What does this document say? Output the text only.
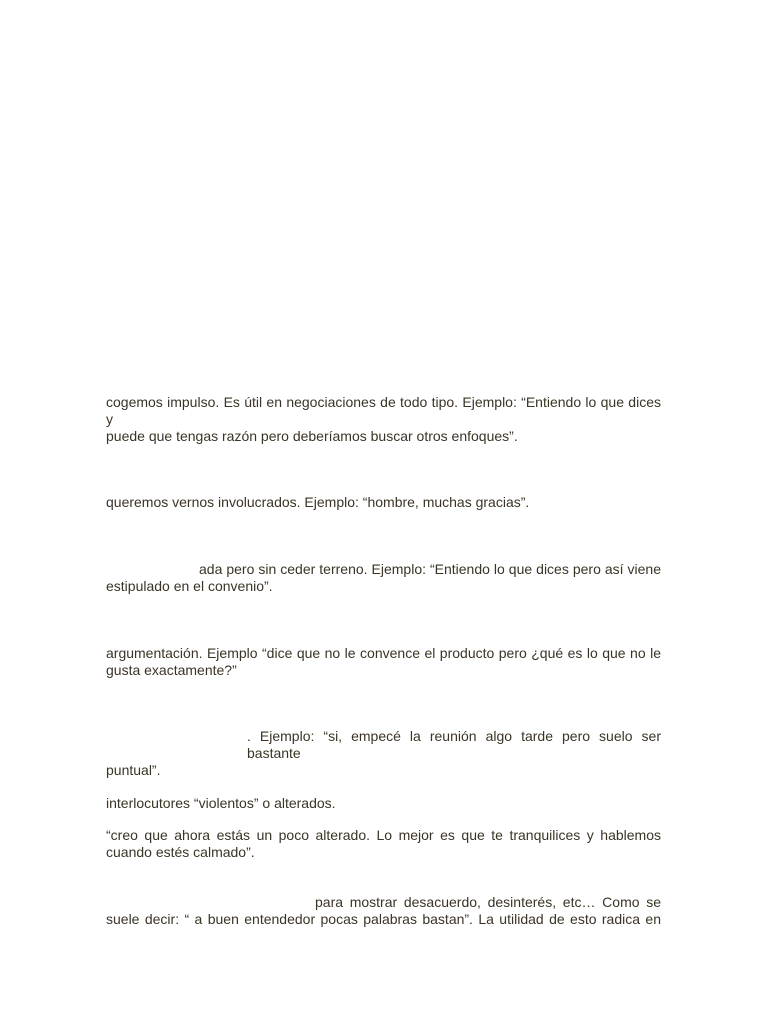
cogemos impulso. Es útil en negociaciones de todo tipo. Ejemplo: “Entiendo lo que dices y
puede que tengas razón pero deberíamos buscar otros enfoques”.

queremos vernos involucrados. Ejemplo: “hombre, muchas gracias”.

ada pero sin ceder terreno. Ejemplo: “Entiendo lo que dices pero así viene
estipulado en el convenio”.

argumentación. Ejemplo “dice que no le convence el producto pero ¿qué es lo que no le
gusta exactamente?”

. Ejemplo: “si, empecé la reunión algo tarde pero suelo ser bastante
puntual”.

interlocutores “violentos” o alterados.

“creo que ahora estás un poco alterado. Lo mejor es que te tranquilices y hablemos
cuando estés calmado”.

para mostrar desacuerdo, desinterés, etc… Como se
suele decir: “ a buen entendedor pocas palabras bastan”. La utilidad de esto radica en
